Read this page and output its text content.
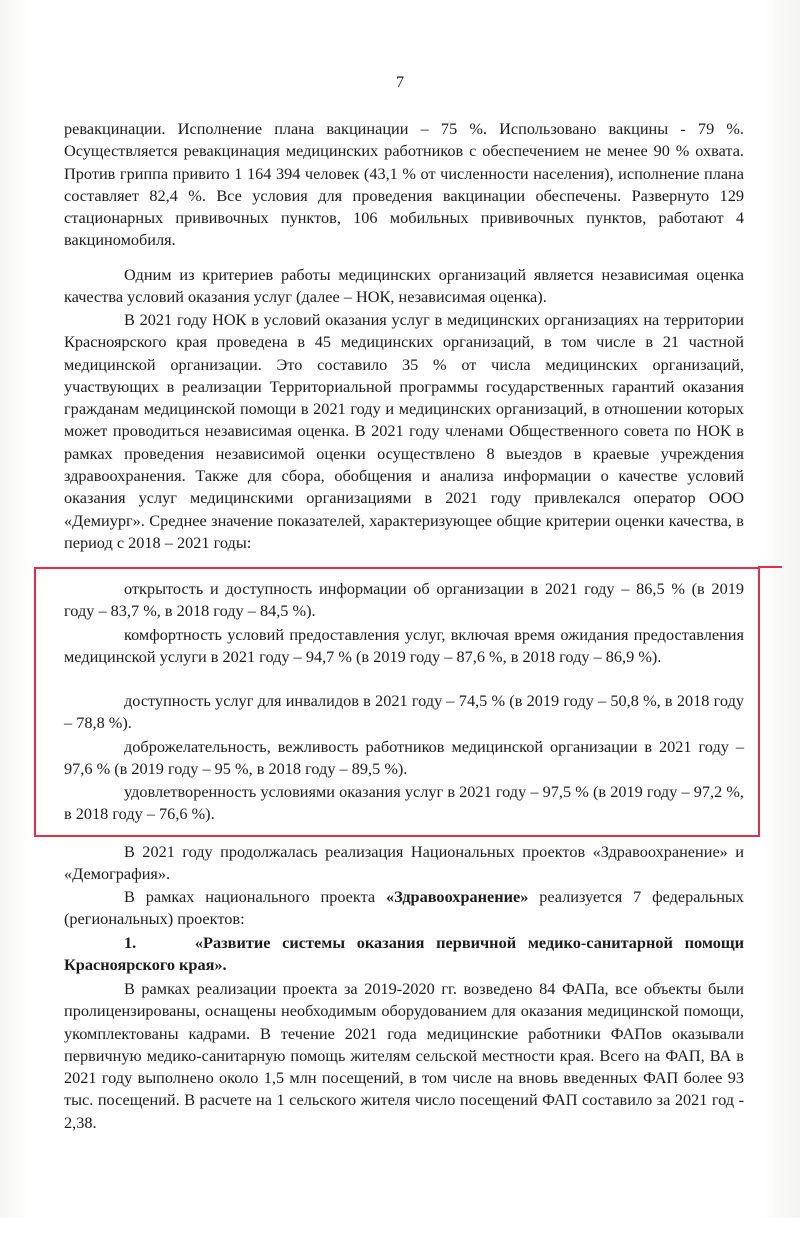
7

ревакцинации. Исполнение плана вакцинации – 75 %. Использовано вакцины - 79 %. Осуществляется ревакцинация медицинских работников с обеспечением не менее 90 % охвата. Против гриппа привито 1 164 394 человек (43,1 % от численности населения), исполнение плана составляет 82,4 %. Все условия для проведения вакцинации обеспечены. Развернуто 129 стационарных прививочных пунктов, 106 мобильных прививочных пунктов, работают 4 вакциномобиля.

Одним из критериев работы медицинских организаций является независимая оценка качества условий оказания услуг (далее – НОК, независимая оценка).

В 2021 году НОК в условий оказания услуг в медицинских организациях на территории Красноярского края проведена в 45 медицинских организаций, в том числе в 21 частной медицинской организации. Это составило 35 % от числа медицинских организаций, участвующих в реализации Территориальной программы государственных гарантий оказания гражданам медицинской помощи в 2021 году и медицинских организаций, в отношении которых может проводиться независимая оценка. В 2021 году членами Общественного совета по НОК в рамках проведения независимой оценки осуществлено 8 выездов в краевые учреждения здравоохранения. Также для сбора, обобщения и анализа информации о качестве условий оказания услуг медицинскими организациями в 2021 году привлекался оператор ООО «Демиург». Среднее значение показателей, характеризующее общие критерии оценки качества, в период с 2018 – 2021 годы:

открытость и доступность информации об организации в 2021 году – 86,5 % (в 2019 году – 83,7 %, в 2018 году – 84,5 %).

комфортность условий предоставления услуг, включая время ожидания предоставления медицинской услуги в 2021 году – 94,7 % (в 2019 году – 87,6 %, в 2018 году – 86,9 %).

доступность услуг для инвалидов в 2021 году – 74,5 % (в 2019 году – 50,8 %, в 2018 году – 78,8 %).

доброжелательность, вежливость работников медицинской организации в 2021 году – 97,6 % (в 2019 году – 95 %, в 2018 году – 89,5 %).

удовлетворенность условиями оказания услуг в 2021 году – 97,5 % (в 2019 году – 97,2 %, в 2018 году – 76,6 %).

В 2021 году продолжалась реализация Национальных проектов «Здравоохранение» и «Демография».

В рамках национального проекта «Здравоохранение» реализуется 7 федеральных (региональных) проектов:

1.	«Развитие системы оказания первичной медико-санитарной помощи Красноярского края».

В рамках реализации проекта за 2019-2020 гг. возведено 84 ФАПа, все объекты были пролицензированы, оснащены необходимым оборудованием для оказания медицинской помощи, укомплектованы кадрами. В течение 2021 года медицинские работники ФАПов оказывали первичную медико-санитарную помощь жителям сельской местности края. Всего на ФАП, ВА в 2021 году выполнено около 1,5 млн посещений, в том числе на вновь введенных ФАП более 93 тыс. посещений. В расчете на 1 сельского жителя число посещений ФАП составило за 2021 год - 2,38.
